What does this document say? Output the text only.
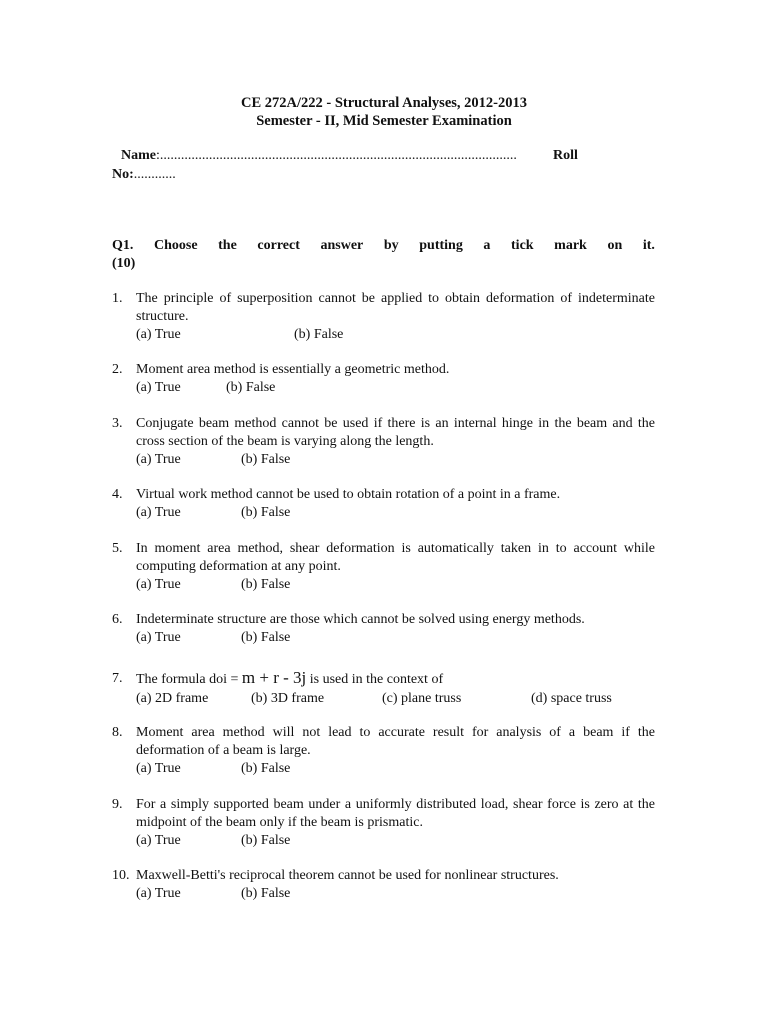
CE 272A/222 - Structural Analyses, 2012-2013
Semester - II, Mid Semester Examination
Name:......................................................................................................	Roll
No:............
Q1. Choose the correct answer by putting a tick mark on it.
(10)
1. The principle of superposition cannot be applied to obtain deformation of indeterminate structure.
(a) True	(b) False
2. Moment area method is essentially a geometric method.
(a) True	(b) False
3. Conjugate beam method cannot be used if there is an internal hinge in the beam and the cross section of the beam is varying along the length.
(a) True	(b) False
4. Virtual work method cannot be used to obtain rotation of a point in a frame.
(a) True	(b) False
5. In moment area method, shear deformation is automatically taken in to account while computing deformation at any point.
(a) True	(b) False
6. Indeterminate structure are those which cannot be solved using energy methods.
(a) True	(b) False
7. The formula doi = m + r - 3j is used in the context of
(a) 2D frame	(b) 3D frame	(c) plane truss	(d) space truss
8. Moment area method will not lead to accurate result for analysis of a beam if the deformation of a beam is large.
(a) True	(b) False
9. For a simply supported beam under a uniformly distributed load, shear force is zero at the midpoint of the beam only if the beam is prismatic.
(a) True	(b) False
10. Maxwell-Betti's reciprocal theorem cannot be used for nonlinear structures.
(a) True	(b) False
